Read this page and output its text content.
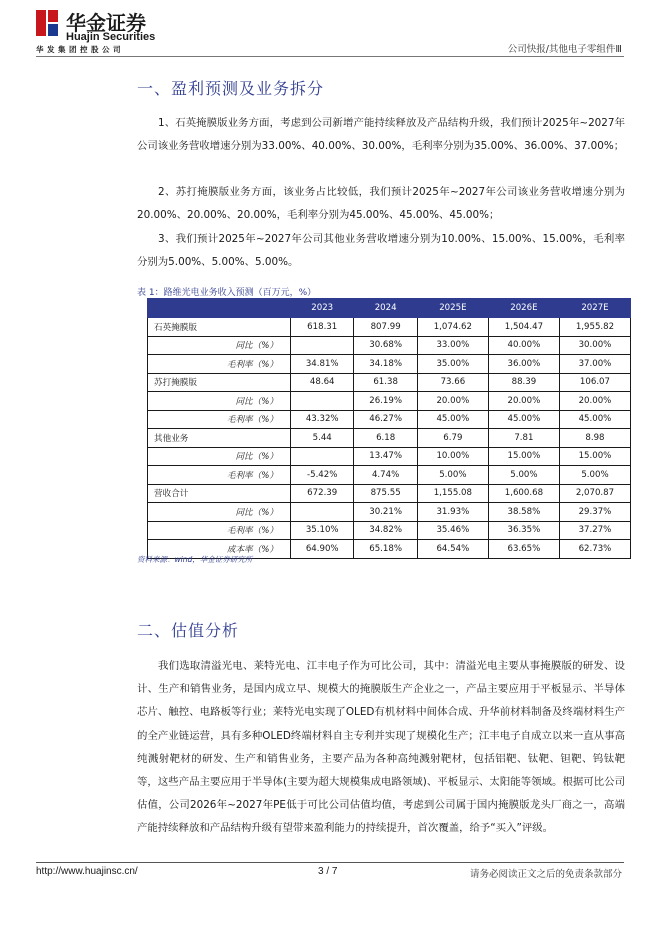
华金证券
Huajin Securities
华发集团控股公司	公司快报/其他电子零组件Ⅲ
一、盈利预测及业务拆分

1、石英掩膜版业务方面，考虑到公司新增产能持续释放及产品结构升级，我们预计2025年~2027年公司该业务营收增速分别为33.00%、40.00%、30.00%，毛利率分别为35.00%、36.00%、37.00%；

2、苏打掩膜版业务方面，该业务占比较低，我们预计2025年~2027年公司该业务营收增速分别为20.00%、20.00%、20.00%，毛利率分别为45.00%、45.00%、45.00%；

3、我们预计2025年~2027年公司其他业务营收增速分别为10.00%、15.00%、15.00%，毛利率分别为5.00%、5.00%、5.00%。

表 1：路维光电业务收入预测（百万元，%）
	2023	2024	2025E	2026E	2027E
石英掩膜版	618.31	807.99	1,074.62	1,504.47	1,955.82
同比（%）		30.68%	33.00%	40.00%	30.00%
毛利率（%）	34.81%	34.18%	35.00%	36.00%	37.00%
苏打掩膜版	48.64	61.38	73.66	88.39	106.07
同比（%）		26.19%	20.00%	20.00%	20.00%
毛利率（%）	43.32%	46.27%	45.00%	45.00%	45.00%
其他业务	5.44	6.18	6.79	7.81	8.98
同比（%）		13.47%	10.00%	15.00%	15.00%
毛利率（%）	-5.42%	4.74%	5.00%	5.00%	5.00%
营收合计	672.39	875.55	1,155.08	1,600.68	2,070.87
同比（%）		30.21%	31.93%	38.58%	29.37%
毛利率（%）	35.10%	34.82%	35.46%	36.35%	37.27%
成本率（%）	64.90%	65.18%	64.54%	63.65%	62.73%
资料来源：wind，华金证券研究所
二、估值分析

我们选取清溢光电、莱特光电、江丰电子作为可比公司，其中：清溢光电主要从事掩膜版的研发、设计、生产和销售业务，是国内成立早、规模大的掩膜版生产企业之一，产品主要应用于平板显示、半导体芯片、触控、电路板等行业；莱特光电实现了OLED有机材料中间体合成、升华前材料制备及终端材料生产的全产业链运营，具有多种OLED终端材料自主专利并实现了规模化生产；江丰电子自成立以来一直从事高纯溅射靶材的研发、生产和销售业务，主要产品为各种高纯溅射靶材，包括铝靶、钛靶、钽靶、钨钛靶等，这些产品主要应用于半导体(主要为超大规模集成电路领域)、平板显示、太阳能等领域。根据可比公司估值，公司2026年~2027年PE低于可比公司估值均值，考虑到公司属于国内掩膜版龙头厂商之一，高端产能持续释放和产品结构升级有望带来盈利能力的持续提升，首次覆盖，给予“买入”评级。

http://www.huajinsc.cn/	3 / 7	请务必阅读正文之后的免责条款部分
